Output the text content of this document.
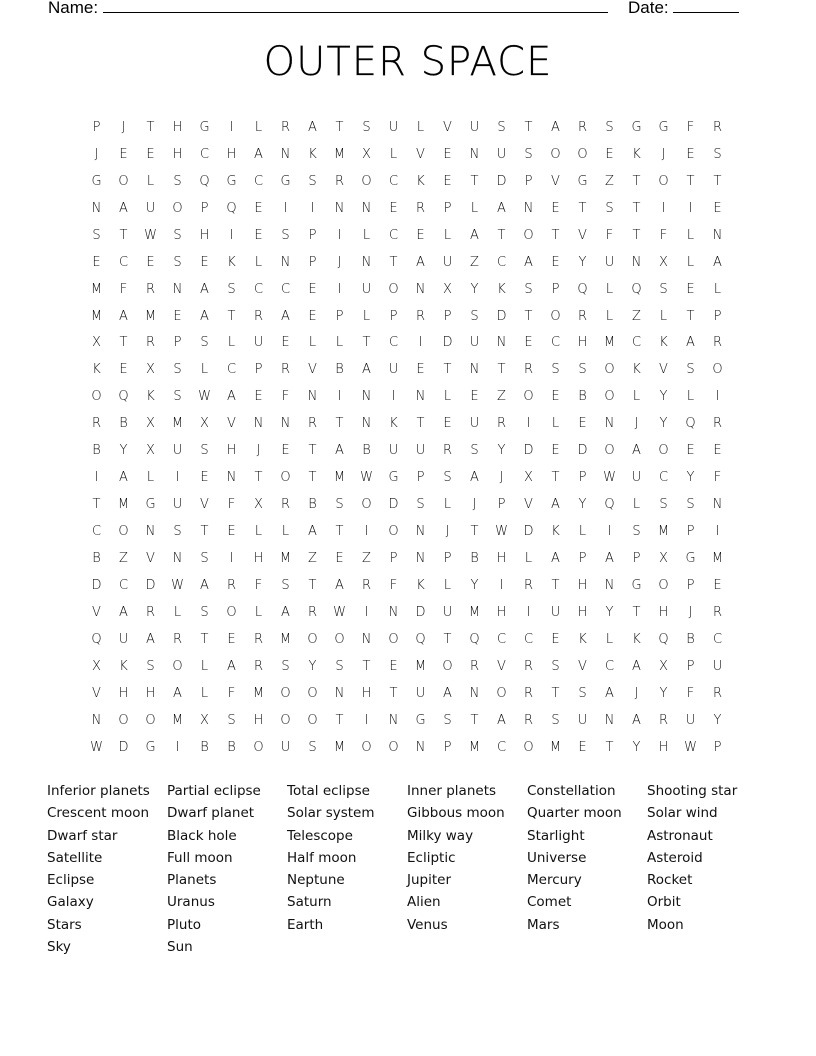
Name:	Date:
OUTER SPACE
P	J	T	H	G	I	L	R	A	T	S	U	L	V	U	S	T	A	R	S	G	G	F	R
J	E	E	H	C	H	A	N	K	M	X	L	V	E	N	U	S	O	O	E	K	J	E	S
G	O	L	S	Q	G	C	G	S	R	O	C	K	E	T	D	P	V	G	Z	T	O	T	T
N	A	U	O	P	Q	E	I	I	N	N	E	R	P	L	A	N	E	T	S	T	I	I	E
S	T	W	S	H	I	E	S	P	I	L	C	E	L	A	T	O	T	V	F	T	F	L	N
E	C	E	S	E	K	L	N	P	J	N	T	A	U	Z	C	A	E	Y	U	N	X	L	A
M	F	R	N	A	S	C	C	E	I	U	O	N	X	Y	K	S	P	Q	L	Q	S	E	L
M	A	M	E	A	T	R	A	E	P	L	P	R	P	S	D	T	O	R	L	Z	L	T	P
X	T	R	P	S	L	U	E	L	L	T	C	I	D	U	N	E	C	H	M	C	K	A	R
K	E	X	S	L	C	P	R	V	B	A	U	E	T	N	T	R	S	S	O	K	V	S	O
O	Q	K	S	W	A	E	F	N	I	N	I	N	L	E	Z	O	E	B	O	L	Y	L	I
R	B	X	M	X	V	N	N	R	T	N	K	T	E	U	R	I	L	E	N	J	Y	Q	R
B	Y	X	U	S	H	J	E	T	A	B	U	U	R	S	Y	D	E	D	O	A	O	E	E
I	A	L	I	E	N	T	O	T	M	W	G	P	S	A	J	X	T	P	W	U	C	Y	F
T	M	G	U	V	F	X	R	B	S	O	D	S	L	J	P	V	A	Y	Q	L	S	S	N
C	O	N	S	T	E	L	L	A	T	I	O	N	J	T	W	D	K	L	I	S	M	P	I
B	Z	V	N	S	I	H	M	Z	E	Z	P	N	P	B	H	L	A	P	A	P	X	G	M
D	C	D	W	A	R	F	S	T	A	R	F	K	L	Y	I	R	T	H	N	G	O	P	E
V	A	R	L	S	O	L	A	R	W	I	N	D	U	M	H	I	U	H	Y	T	H	J	R
Q	U	A	R	T	E	R	M	O	O	N	O	Q	T	Q	C	C	E	K	L	K	Q	B	C
X	K	S	O	L	A	R	S	Y	S	T	E	M	O	R	V	R	S	V	C	A	X	P	U
V	H	H	A	L	F	M	O	O	N	H	T	U	A	N	O	R	T	S	A	J	Y	F	R
N	O	O	M	X	S	H	O	O	T	I	N	G	S	T	A	R	S	U	N	A	R	U	Y
W	D	G	I	B	B	O	U	S	M	O	O	N	P	M	C	O	M	E	T	Y	H	W	P
Inferior planets	Partial eclipse	Total eclipse	Inner planets	Constellation	Shooting star
Crescent moon	Dwarf planet	Solar system	Gibbous moon	Quarter moon	Solar wind
Dwarf star	Black hole	Telescope	Milky way	Starlight	Astronaut
Satellite	Full moon	Half moon	Ecliptic	Universe	Asteroid
Eclipse	Planets	Neptune	Jupiter	Mercury	Rocket
Galaxy	Uranus	Saturn	Alien	Comet	Orbit
Stars	Pluto	Earth	Venus	Mars	Moon
Sky	Sun
